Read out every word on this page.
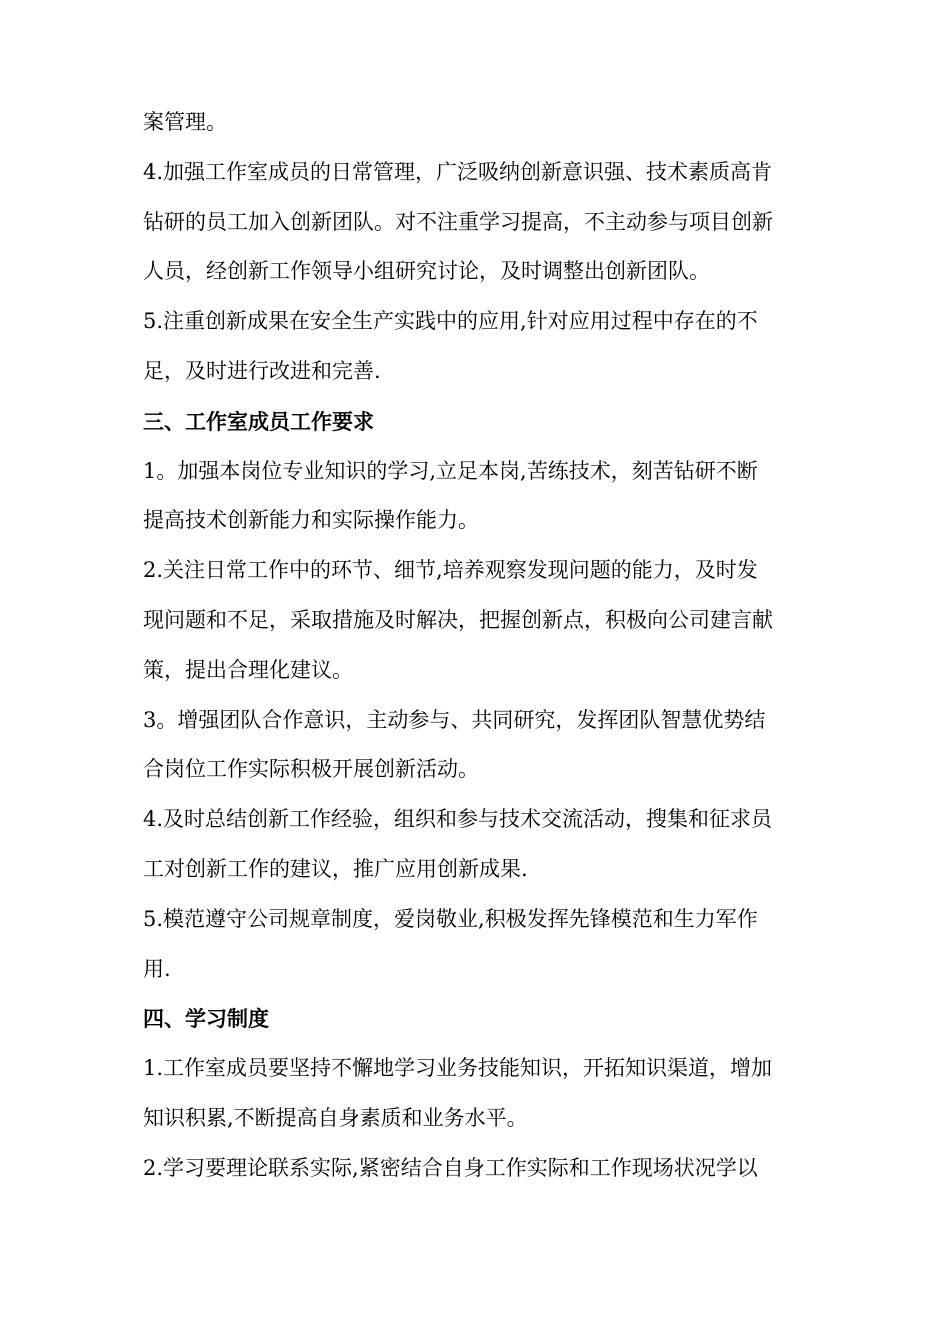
案管理。
4.加强工作室成员的日常管理，广泛吸纳创新意识强、技术素质高肯
钻研的员工加入创新团队。对不注重学习提高，不主动参与项目创新
人员，经创新工作领导小组研究讨论，及时调整出创新团队。
5.注重创新成果在安全生产实践中的应用,针对应用过程中存在的不
足，及时进行改进和完善.
三、工作室成员工作要求
1。加强本岗位专业知识的学习,立足本岗,苦练技术，刻苦钻研不断
提高技术创新能力和实际操作能力。
2.关注日常工作中的环节、细节,培养观察发现问题的能力，及时发
现问题和不足，采取措施及时解决，把握创新点，积极向公司建言献
策，提出合理化建议。
3。增强团队合作意识，主动参与、共同研究，发挥团队智慧优势结
合岗位工作实际积极开展创新活动。
4.及时总结创新工作经验，组织和参与技术交流活动，搜集和征求员
工对创新工作的建议，推广应用创新成果.
5.模范遵守公司规章制度，爱岗敬业,积极发挥先锋模范和生力军作
用.
四、学习制度
1.工作室成员要坚持不懈地学习业务技能知识，开拓知识渠道，增加
知识积累,不断提高自身素质和业务水平。
2.学习要理论联系实际,紧密结合自身工作实际和工作现场状况学以
